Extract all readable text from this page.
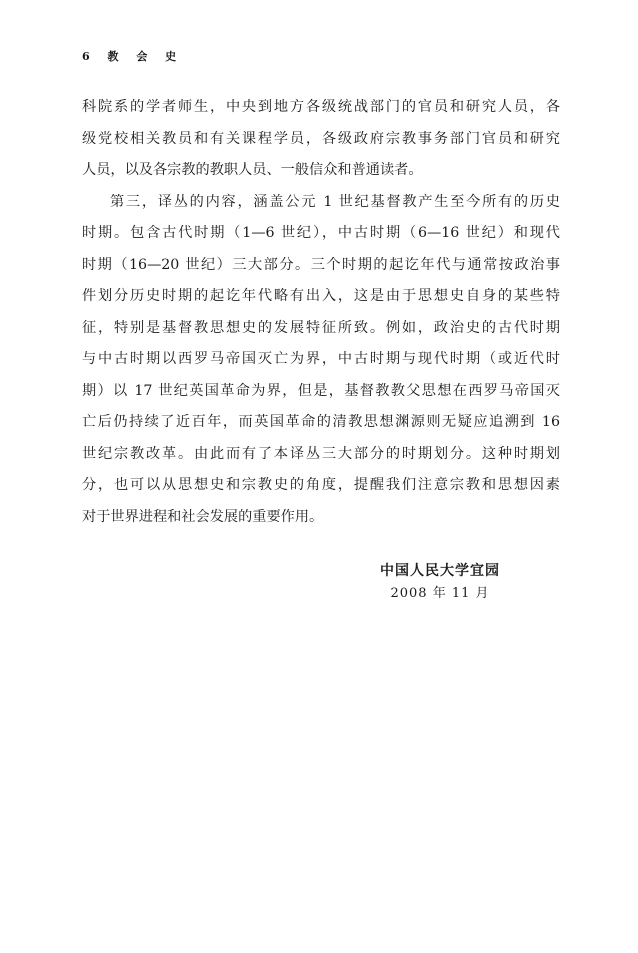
6 教 会 史
科院系的学者师生，中央到地方各级统战部门的官员和研究人员，各
级党校相关教员和有关课程学员，各级政府宗教事务部门官员和研究
人员，以及各宗教的教职人员、一般信众和普通读者。
第三，译丛的内容，涵盖公元 1 世纪基督教产生至今所有的历史
时期。包含古代时期（1—6 世纪），中古时期（6—16 世纪）和现代
时期（16—20 世纪）三大部分。三个时期的起讫年代与通常按政治事
件划分历史时期的起讫年代略有出入，这是由于思想史自身的某些特
征，特别是基督教思想史的发展特征所致。例如，政治史的古代时期
与中古时期以西罗马帝国灭亡为界，中古时期与现代时期（或近代时
期）以 17 世纪英国革命为界，但是，基督教教父思想在西罗马帝国灭
亡后仍持续了近百年，而英国革命的清教思想渊源则无疑应追溯到 16
世纪宗教改革。由此而有了本译丛三大部分的时期划分。这种时期划
分，也可以从思想史和宗教史的角度，提醒我们注意宗教和思想因素
对于世界进程和社会发展的重要作用。
中国人民大学宜园
2008 年 11 月
